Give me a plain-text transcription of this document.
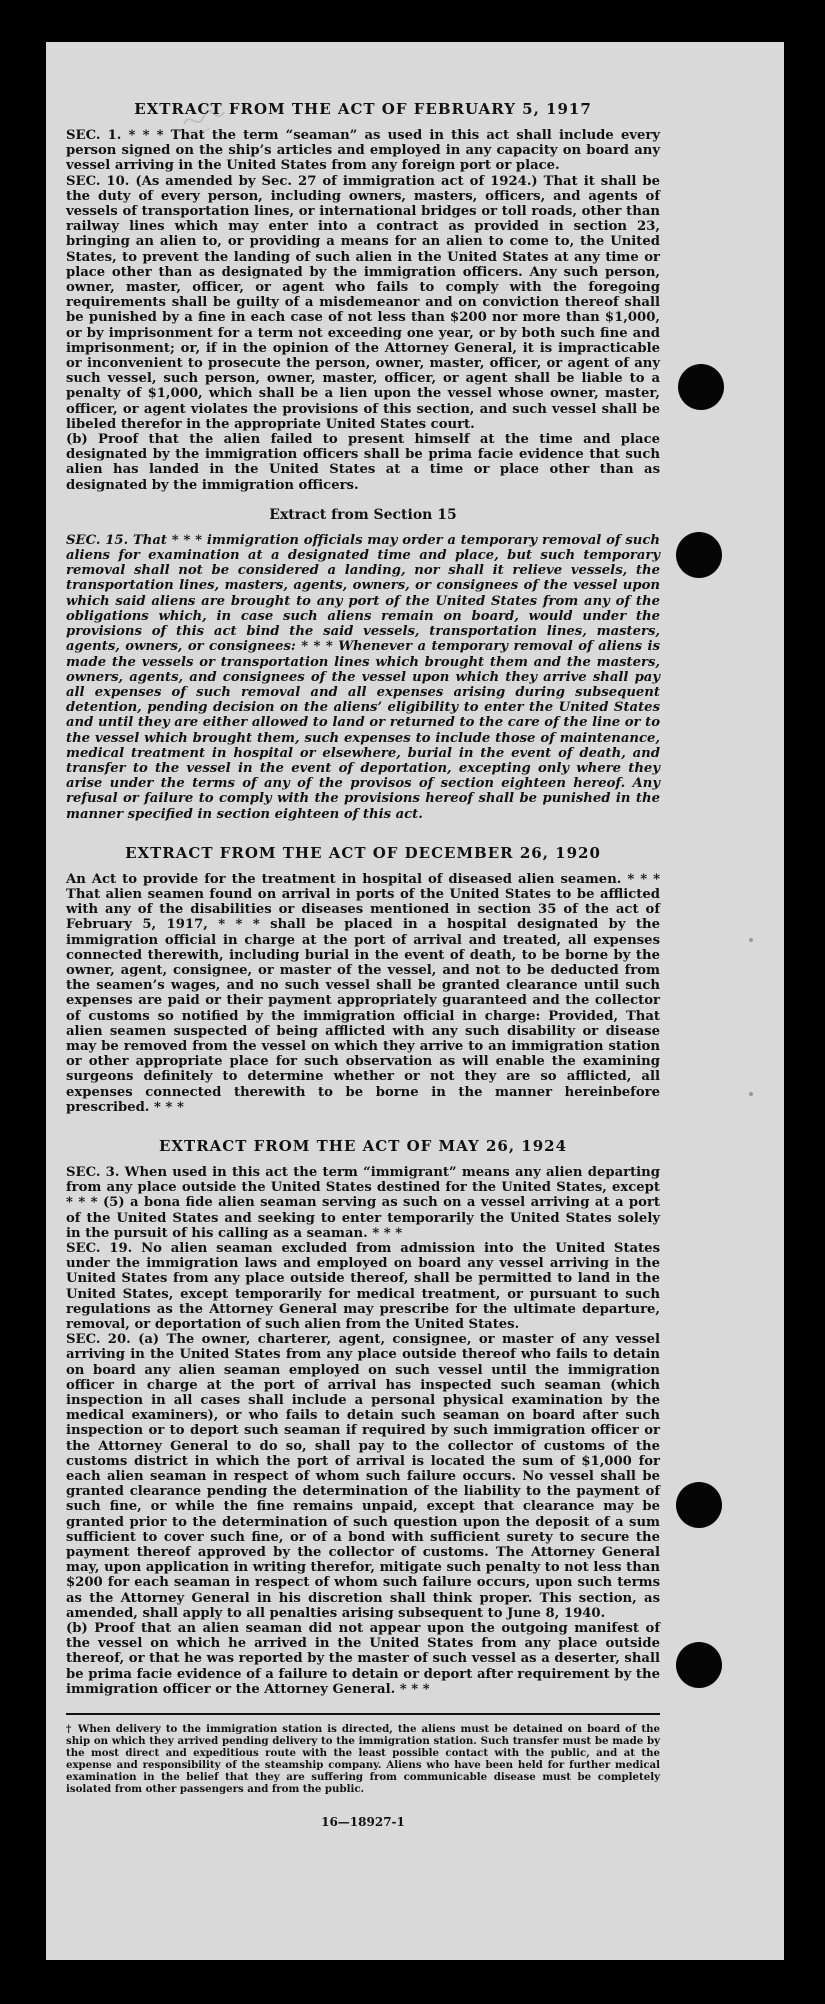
EXTRACT FROM THE ACT OF FEBRUARY 5, 1917

SEC. 1. * * * That the term “seaman” as used in this act shall include every person signed on the ship’s articles and employed in any capacity on board any vessel arriving in the United States from any foreign port or place.

SEC. 10. (As amended by Sec. 27 of immigration act of 1924.) That it shall be the duty of every person, including owners, masters, officers, and agents of vessels of transportation lines, or international bridges or toll roads, other than railway lines which may enter into a contract as provided in section 23, bringing an alien to, or providing a means for an alien to come to, the United States, to prevent the landing of such alien in the United States at any time or place other than as designated by the immigration officers. Any such person, owner, master, officer, or agent who fails to comply with the foregoing requirements shall be guilty of a misdemeanor and on conviction thereof shall be punished by a fine in each case of not less than $200 nor more than $1,000, or by imprisonment for a term not exceeding one year, or by both such fine and imprisonment; or, if in the opinion of the Attorney General, it is impracticable or inconvenient to prosecute the person, owner, master, officer, or agent of any such vessel, such person, owner, master, officer, or agent shall be liable to a penalty of $1,000, which shall be a lien upon the vessel whose owner, master, officer, or agent violates the provisions of this section, and such vessel shall be libeled therefor in the appropriate United States court.

(b) Proof that the alien failed to present himself at the time and place designated by the immigration officers shall be prima facie evidence that such alien has landed in the United States at a time or place other than as designated by the immigration officers.

Extract from Section 15

SEC. 15. That * * * immigration officials may order a temporary removal of such aliens for examination at a designated time and place, but such temporary removal shall not be considered a landing, nor shall it relieve vessels, the transportation lines, masters, agents, owners, or consignees of the vessel upon which said aliens are brought to any port of the United States from any of the obligations which, in case such aliens remain on board, would under the provisions of this act bind the said vessels, transportation lines, masters, agents, owners, or consignees: * * * Whenever a temporary removal of aliens is made the vessels or transportation lines which brought them and the masters, owners, agents, and consignees of the vessel upon which they arrive shall pay all expenses of such removal and all expenses arising during subsequent detention, pending decision on the aliens’ eligibility to enter the United States and until they are either allowed to land or returned to the care of the line or to the vessel which brought them, such expenses to include those of maintenance, medical treatment in hospital or elsewhere, burial in the event of death, and transfer to the vessel in the event of deportation, excepting only where they arise under the terms of any of the provisos of section eighteen hereof. Any refusal or failure to comply with the provisions hereof shall be punished in the manner specified in section eighteen of this act.

EXTRACT FROM THE ACT OF DECEMBER 26, 1920

An Act to provide for the treatment in hospital of diseased alien seamen. * * * That alien seamen found on arrival in ports of the United States to be afflicted with any of the disabilities or diseases mentioned in section 35 of the act of February 5, 1917, * * * shall be placed in a hospital designated by the immigration official in charge at the port of arrival and treated, all expenses connected therewith, including burial in the event of death, to be borne by the owner, agent, consignee, or master of the vessel, and not to be deducted from the seamen’s wages, and no such vessel shall be granted clearance until such expenses are paid or their payment appropriately guaranteed and the collector of customs so notified by the immigration official in charge: Provided, That alien seamen suspected of being afflicted with any such disability or disease may be removed from the vessel on which they arrive to an immigration station or other appropriate place for such observation as will enable the examining surgeons definitely to determine whether or not they are so afflicted, all expenses connected therewith to be borne in the manner hereinbefore prescribed. * * *

EXTRACT FROM THE ACT OF MAY 26, 1924

SEC. 3. When used in this act the term “immigrant” means any alien departing from any place outside the United States destined for the United States, except * * * (5) a bona fide alien seaman serving as such on a vessel arriving at a port of the United States and seeking to enter temporarily the United States solely in the pursuit of his calling as a seaman. * * *

SEC. 19. No alien seaman excluded from admission into the United States under the immigration laws and employed on board any vessel arriving in the United States from any place outside thereof, shall be permitted to land in the United States, except temporarily for medical treatment, or pursuant to such regulations as the Attorney General may prescribe for the ultimate departure, removal, or deportation of such alien from the United States.

SEC. 20. (a) The owner, charterer, agent, consignee, or master of any vessel arriving in the United States from any place outside thereof who fails to detain on board any alien seaman employed on such vessel until the immigration officer in charge at the port of arrival has inspected such seaman (which inspection in all cases shall include a personal physical examination by the medical examiners), or who fails to detain such seaman on board after such inspection or to deport such seaman if required by such immigration officer or the Attorney General to do so, shall pay to the collector of customs of the customs district in which the port of arrival is located the sum of $1,000 for each alien seaman in respect of whom such failure occurs. No vessel shall be granted clearance pending the determination of the liability to the payment of such fine, or while the fine remains unpaid, except that clearance may be granted prior to the determination of such question upon the deposit of a sum sufficient to cover such fine, or of a bond with sufficient surety to secure the payment thereof approved by the collector of customs. The Attorney General may, upon application in writing therefor, mitigate such penalty to not less than $200 for each seaman in respect of whom such failure occurs, upon such terms as the Attorney General in his discretion shall think proper. This section, as amended, shall apply to all penalties arising subsequent to June 8, 1940.

(b) Proof that an alien seaman did not appear upon the outgoing manifest of the vessel on which he arrived in the United States from any place outside thereof, or that he was reported by the master of such vessel as a deserter, shall be prima facie evidence of a failure to detain or deport after requirement by the immigration officer or the Attorney General. * * *

† When delivery to the immigration station is directed, the aliens must be detained on board of the ship on which they arrived pending delivery to the immigration station. Such transfer must be made by the most direct and expeditious route with the least possible contact with the public, and at the expense and responsibility of the steamship company. Aliens who have been held for further medical examination in the belief that they are suffering from communicable disease must be completely isolated from other passengers and from the public.
16—18927-1
